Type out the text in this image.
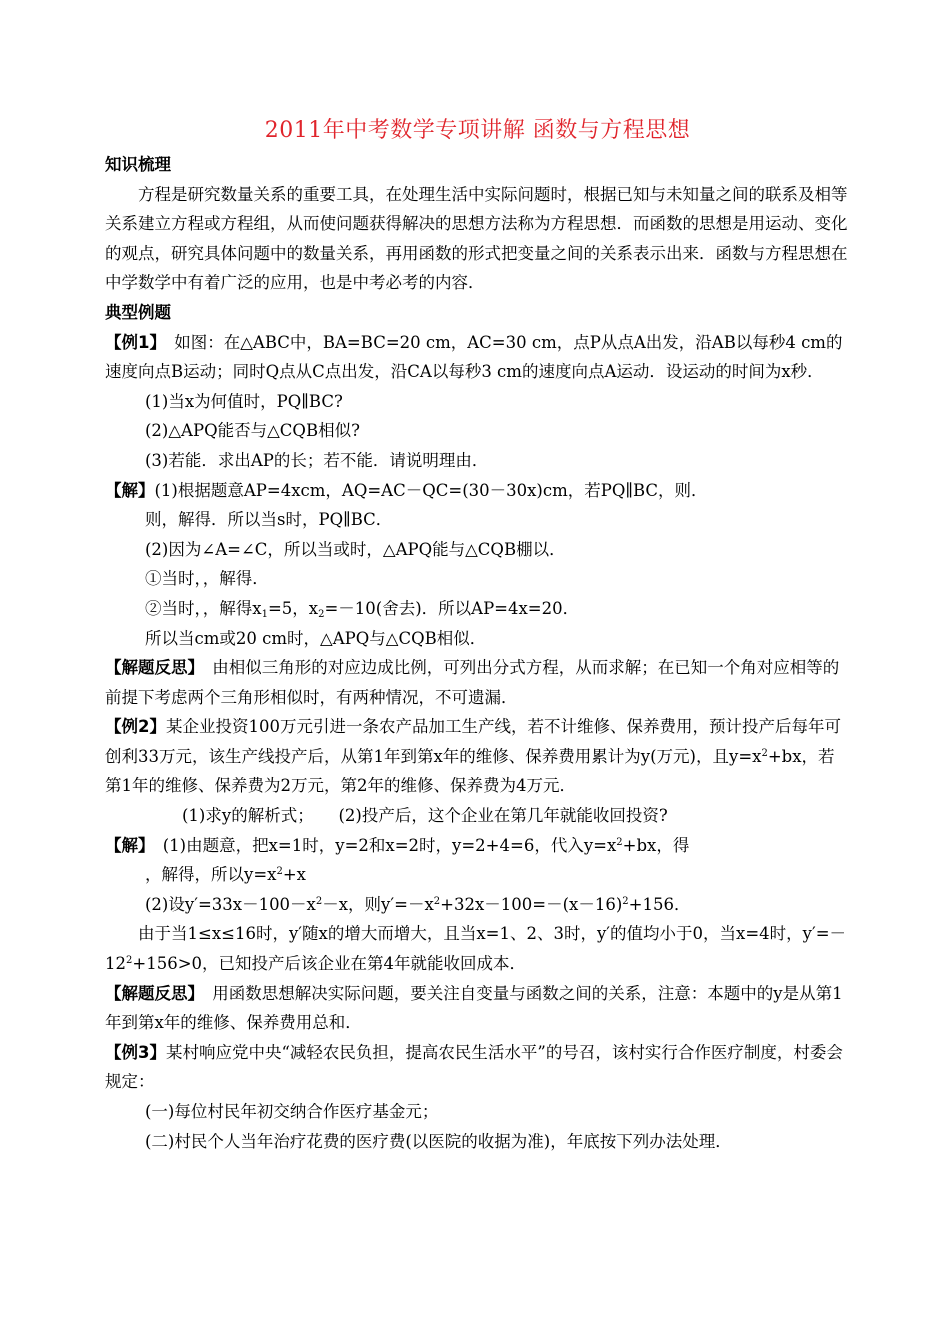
2011年中考数学专项讲解 函数与方程思想
知识梳理

方程是研究数量关系的重要工具，在处理生活中实际问题时，根据已知与未知量之间的联系及相等关系建立方程或方程组，从而使问题获得解决的思想方法称为方程思想．而函数的思想是用运动、变化的观点，研究具体问题中的数量关系，再用函数的形式把变量之间的关系表示出来．函数与方程思想在中学数学中有着广泛的应用，也是中考必考的内容．

典型例题

【例1】　如图：在△ABC中，BA=BC=20 cm，AC=30 cm，点P从点A出发，沿AB以每秒4 cm的速度向点B运动；同时Q点从C点出发，沿CA以每秒3 cm的速度向点A运动．设运动的时间为x秒．

(1)当x为何值时，PQ∥BC?

(2)△APQ能否与△CQB相似?

(3)若能．求出AP的长；若不能．请说明理由．

【解】(1)根据题意AP=4xcm，AQ=AC－QC=(30－30x)cm，若PQ∥BC，则．

则，解得．所以当s时，PQ∥BC．

(2)因为∠A=∠C，所以当或时，△APQ能与△CQB棚以．

①当时，，解得．

②当时，，解得$x_1=5$，$x_2=-10$(舍去)．所以AP=4x=20．

所以当cm或20 cm时，△APQ与△CQB相似．

【解题反思】　由相似三角形的对应边成比例，可列出分式方程，从而求解；在已知一个角对应相等的前提下考虑两个三角形相似时，有两种情况，不可遗漏．

【例2】某企业投资100万元引进一条农产品加工生产线，若不计维修、保养费用，预计投产后每年可创利33万元，该生产线投产后，从第1年到第x年的维修、保养费用累计为y(万元)，且$y=x^2+bx$，若第1年的维修、保养费为2万元，第2年的维修、保养费为4万元．

(1)求y的解析式；　　(2)投产后，这个企业在第几年就能收回投资?

【解】　(1)由题意，把x=1时，y=2和x=2时，y=2+4=6，代入$y=x^2+bx$，得

，解得，所以$y=x^2+x$

(2)设$y'=33x-100-x^2-x$，则$y'=-x^2+32x-100=-(x-16)^2+156$．

由于当1≤x≤16时，y′随x的增大而增大，且当x=1、2、3时，y′的值均小于0，当x=4时，$y'=-12^2+156>0$，已知投产后该企业在第4年就能收回成本．

【解题反思】　用函数思想解决实际问题，要关注自变量与函数之间的关系，注意：本题中的y是从第1年到第x年的维修、保养费用总和．

【例3】某村响应党中央“减轻农民负担，提高农民生活水平”的号召，该村实行合作医疗制度，村委会规定：

(一)每位村民年初交纳合作医疗基金元；

(二)村民个人当年治疗花费的医疗费(以医院的收据为准)，年底按下列办法处理．
